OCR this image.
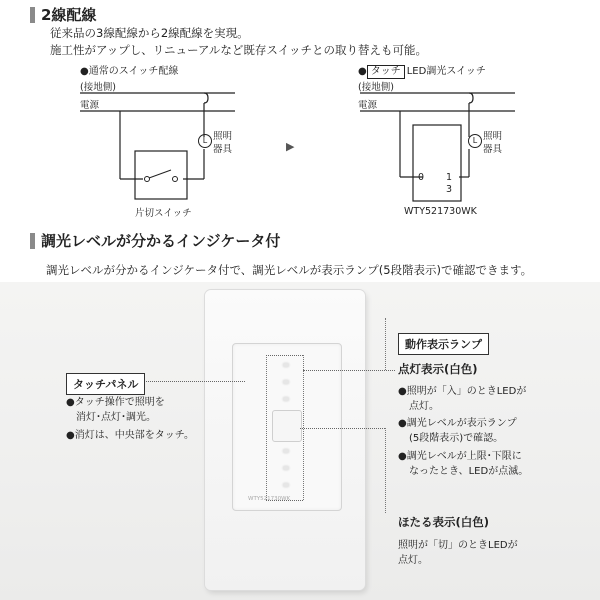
2線配線
従来品の3線配線から2線配線を実現。
施工性がアップし、リニューアルなど既存スイッチとの取り替えも可能。
●通常のスイッチ配線
(接地側)
電源
L 照明
器具
片切スイッチ
▶
● タッチ LED調光スイッチ
(接地側)
電源
L 照明
器具
0 1
3
WTY521730WK
調光レベルが分かるインジケータ付
調光レベルが分かるインジケータ付で、調光レベルが表示ランプ(5段階表示)で確認できます。
WTY521730WK
タッチパネル
●タッチ操作で照明を
消灯･点灯･調光。
●消灯は、中央部をタッチ。
動作表示ランプ
点灯表示(白色)
●照明が「入」のときLEDが
点灯。
●調光レベルが表示ランプ
(5段階表示)で確認。
●調光レベルが上限･下限に
なったとき、LEDが点滅。
ほたる表示(白色)
照明が「切」のときLEDが
点灯。
